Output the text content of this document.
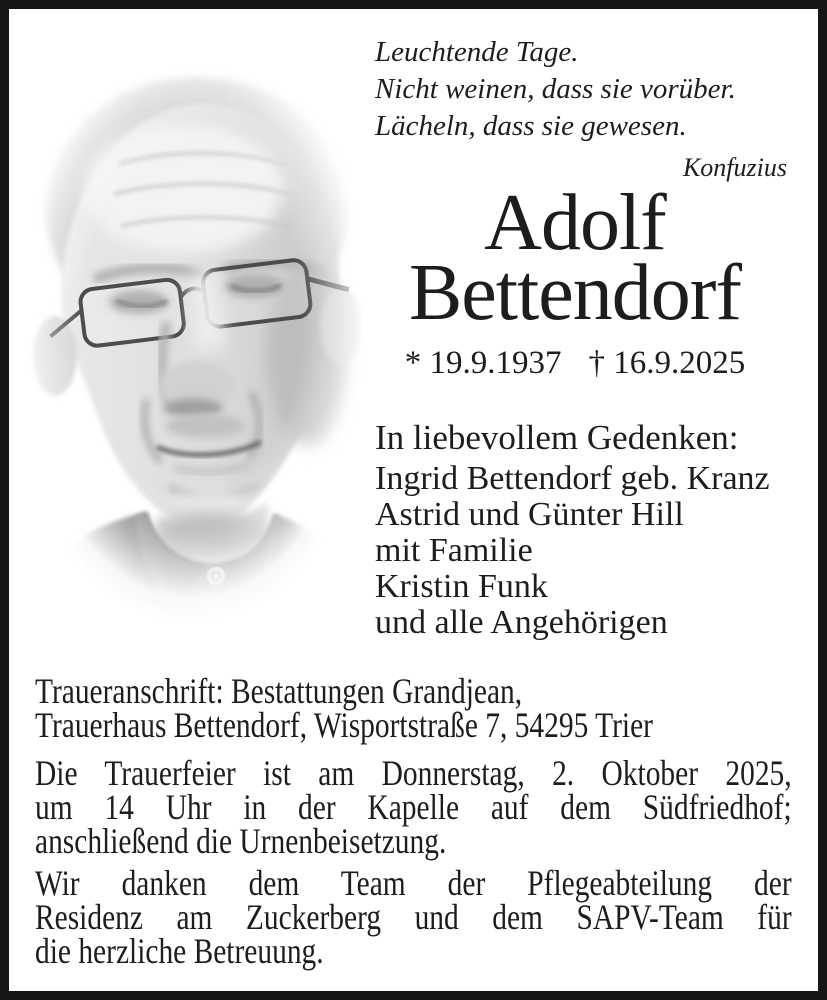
Leuchtende Tage.
Nicht weinen, dass sie vorüber.
Lächeln, dass sie gewesen.
Konfuzius
Adolf
Bettendorf
* 19.9.1937 † 16.9.2025
In liebevollem Gedenken:
Ingrid Bettendorf geb. Kranz
Astrid und Günter Hill
mit Familie
Kristin Funk
und alle Angehörigen
Traueranschrift: Bestattungen Grandjean,
Trauerhaus Bettendorf, Wisportstraße 7, 54295 Trier
Die Trauerfeier ist am Donnerstag, 2. Oktober 2025,
um 14 Uhr in der Kapelle auf dem Südfriedhof;
anschließend die Urnenbeisetzung.
Wir danken dem Team der Pflegeabteilung der
Residenz am Zuckerberg und dem SAPV-Team für
die herzliche Betreuung.
